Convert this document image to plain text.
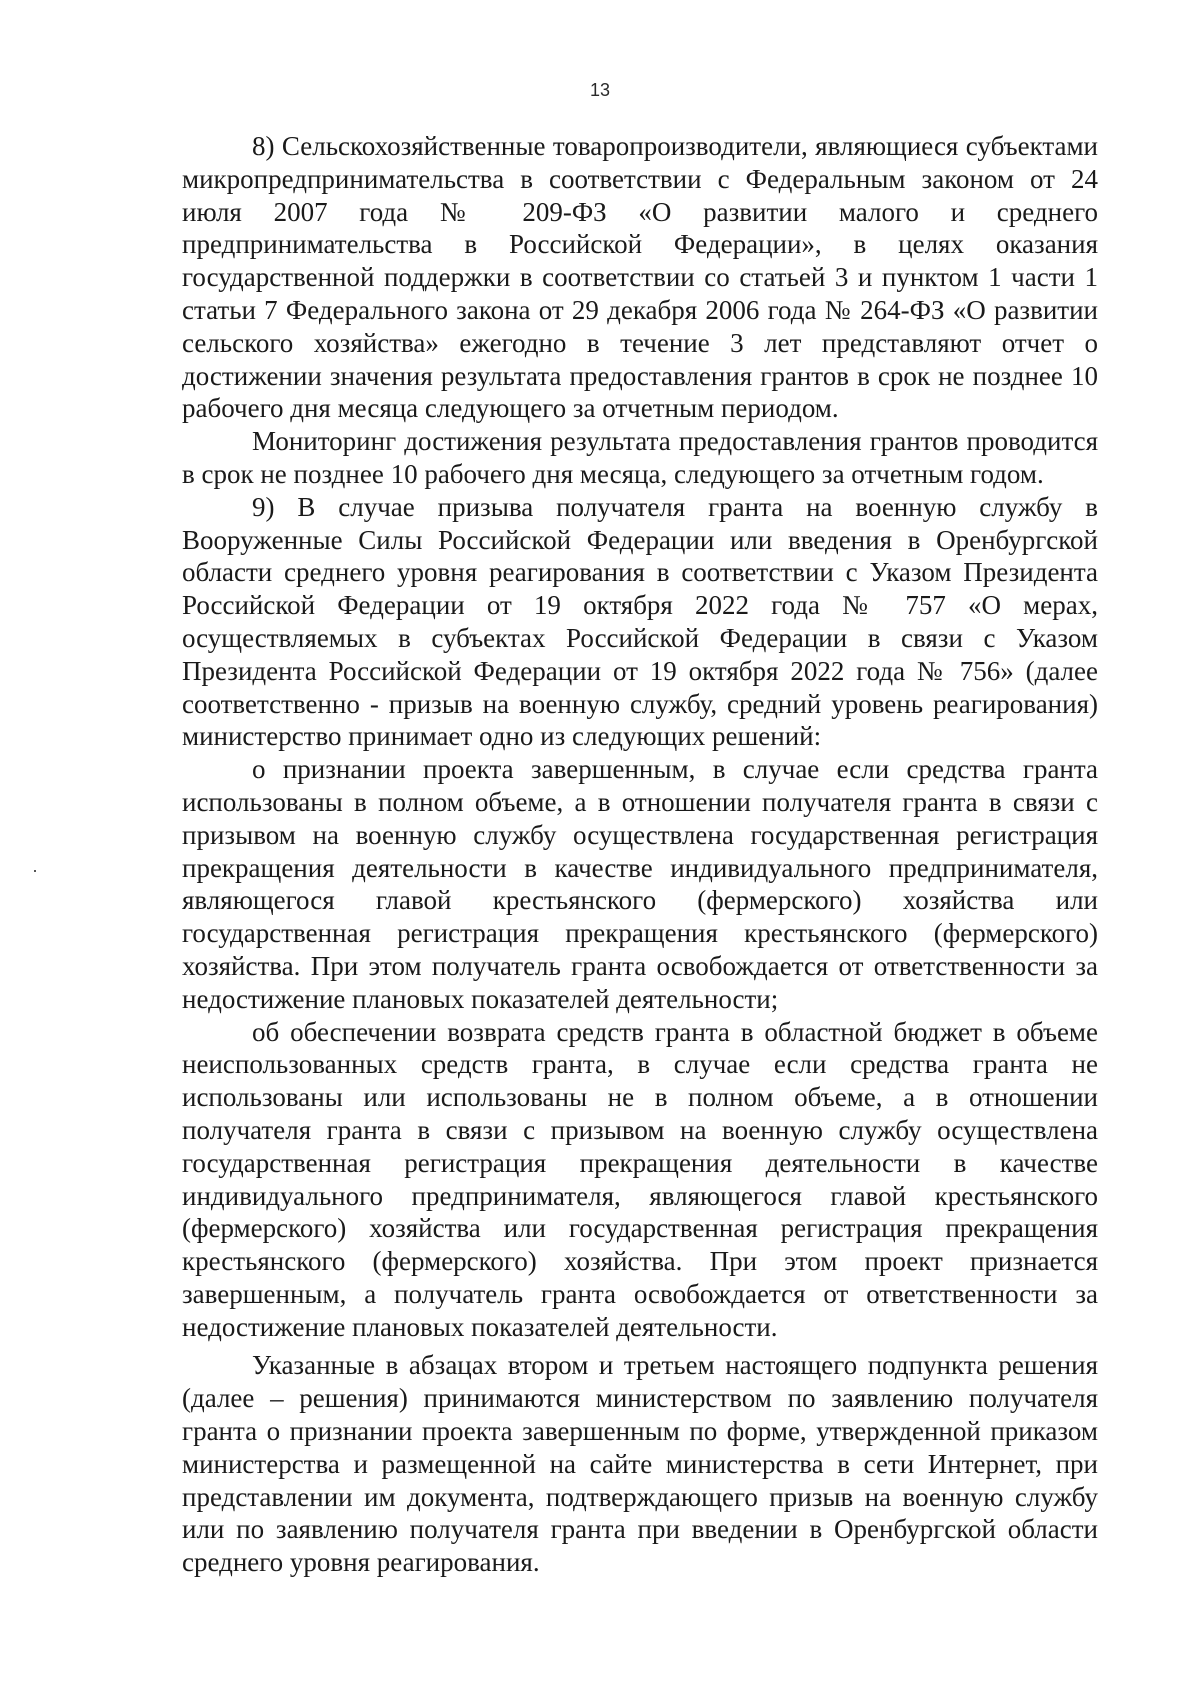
13

8) Сельскохозяйственные товаропроизводители, являющиеся субъектами микропредпринимательства в соответствии с Федеральным законом от 24 июля 2007 года № 209-ФЗ «О развитии малого и среднего предпринимательства в Российской Федерации», в целях оказания государственной поддержки в соответствии со статьей 3 и пунктом 1 части 1 статьи 7 Федерального закона от 29 декабря 2006 года № 264-ФЗ «О развитии сельского хозяйства» ежегодно в течение 3 лет представляют отчет о достижении значения результата предоставления грантов в срок не позднее 10 рабочего дня месяца следующего за отчетным периодом.

Мониторинг достижения результата предоставления грантов проводится в срок не позднее 10 рабочего дня месяца, следующего за отчетным годом.

9) В случае призыва получателя гранта на военную службу в Вооруженные Силы Российской Федерации или введения в Оренбургской области среднего уровня реагирования в соответствии с Указом Президента Российской Федерации от 19 октября 2022 года № 757 «О мерах, осуществляемых в субъектах Российской Федерации в связи с Указом Президента Российской Федерации от 19 октября 2022 года № 756» (далее соответственно - призыв на военную службу, средний уровень реагирования) министерство принимает одно из следующих решений:

о признании проекта завершенным, в случае если средства гранта использованы в полном объеме, а в отношении получателя гранта в связи с призывом на военную службу осуществлена государственная регистрация прекращения деятельности в качестве индивидуального предпринимателя, являющегося главой крестьянского (фермерского) хозяйства или государственная регистрация прекращения крестьянского (фермерского) хозяйства. При этом получатель гранта освобождается от ответственности за недостижение плановых показателей деятельности;

об обеспечении возврата средств гранта в областной бюджет в объеме неиспользованных средств гранта, в случае если средства гранта не использованы или использованы не в полном объеме, а в отношении получателя гранта в связи с призывом на военную службу осуществлена государственная регистрация прекращения деятельности в качестве индивидуального предпринимателя, являющегося главой крестьянского (фермерского) хозяйства или государственная регистрация прекращения крестьянского (фермерского) хозяйства. При этом проект признается завершенным, а получатель гранта освобождается от ответственности за недостижение плановых показателей деятельности.

Указанные в абзацах втором и третьем настоящего подпункта решения (далее – решения) принимаются министерством по заявлению получателя гранта о признании проекта завершенным по форме, утвержденной приказом министерства и размещенной на сайте министерства в сети Интернет, при представлении им документа, подтверждающего призыв на военную службу или по заявлению получателя гранта при введении в Оренбургской области среднего уровня реагирования.
